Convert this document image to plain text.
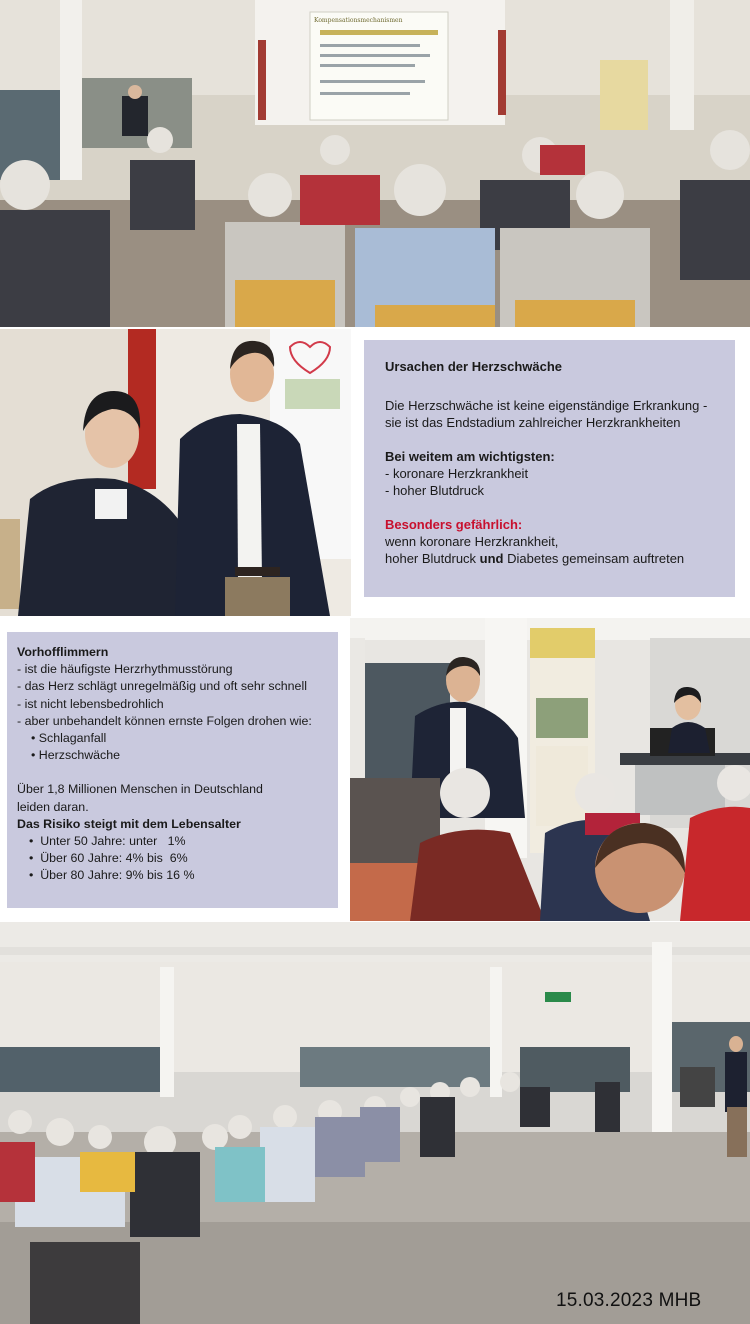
Kompensationsmechanismen
Ursachen der Herzschwäche
Die Herzschwäche ist keine eigenständige Erkrankung -
sie ist das Endstadium zahlreicher Herzkrankheiten
Bei weitem am wichtigsten:
- koronare Herzkrankheit
- hoher Blutdruck
Besonders gefährlich:
wenn koronare Herzkrankheit,
hoher Blutdruck und Diabetes gemeinsam auftreten
Vorhofflimmern
- ist die häufigste Herzrhythmusstörung
- das Herz schlägt unregelmäßig und oft sehr schnell
- ist nicht lebensbedrohlich
- aber unbehandelt können ernste Folgen drohen wie:
• Schlaganfall
• Herzschwäche
Über 1,8 Millionen Menschen in Deutschland
leiden daran.
Das Risiko steigt mit dem Lebensalter
•  Unter 50 Jahre: unter   1%
•  Über 60 Jahre: 4% bis  6%
•  Über 80 Jahre: 9% bis 16 %
15.03.2023 MHB
